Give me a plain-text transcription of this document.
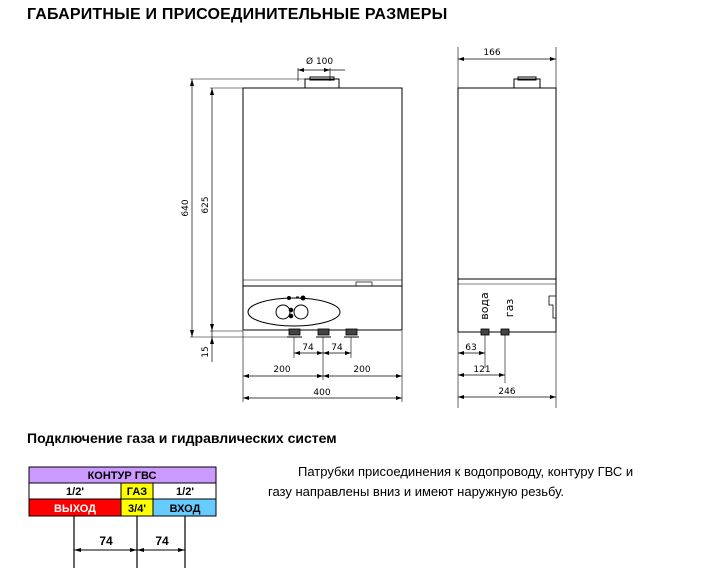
ГАБАРИТНЫЕ И ПРИСОЕДИНИТЕЛЬНЫЕ РАЗМЕРЫ
Ø 100
640 625
15	74 74
200	200
400
166
вода газ
63
121
246
КОНТУР ГВС
1/2'	ГАЗ	1/2'
ВЫХОД	3/4' ВХОД
74	74
Подключение газа и гидравлических систем
Патрубки присоединения к водопроводу, контуру ГВС и
газу направлены вниз и имеют наружную резьбу.
